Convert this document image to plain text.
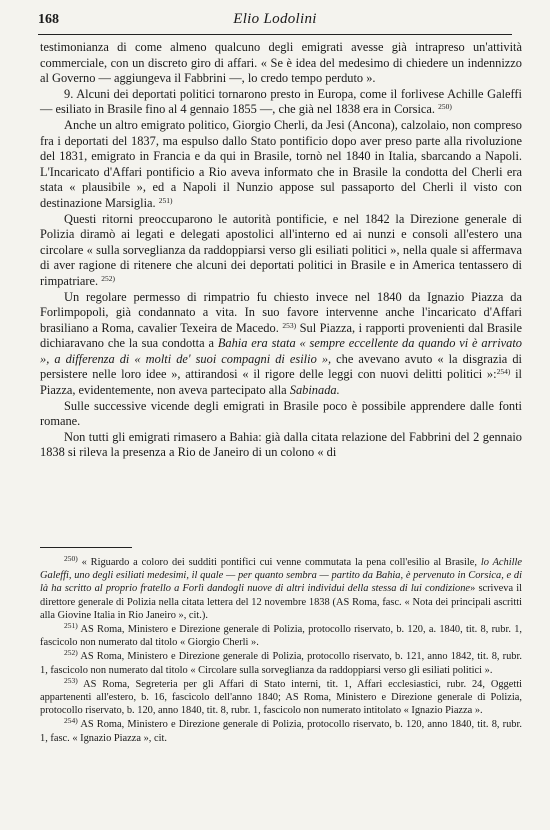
168	Elio Lodolini

testimonianza di come almeno qualcuno degli emigrati avesse già intrapreso un'attività commerciale, con un discreto giro di affari. « Se è idea del medesimo di chiedere un indennizzo al Governo — aggiungeva il Fabbrini —, lo credo tempo perduto ».

9. Alcuni dei deportati politici tornarono presto in Europa, come il forlivese Achille Galeffi — esiliato in Brasile fino al 4 gennaio 1855 —, che già nel 1838 era in Corsica. $^{250)}$

Anche un altro emigrato politico, Giorgio Cherli, da Jesi (Ancona), calzolaio, non compreso fra i deportati del 1837, ma espulso dallo Stato pontificio dopo aver preso parte alla rivoluzione del 1831, emigrato in Francia e da qui in Brasile, tornò nel 1840 in Italia, sbarcando a Napoli. L'Incaricato d'Affari pontificio a Rio aveva informato che in Brasile la condotta del Cherli era stata « plausibile », ed a Napoli il Nunzio appose sul passaporto del Cherli il visto con destinazione Marsiglia. $^{251)}$

Questi ritorni preoccuparono le autorità pontificie, e nel 1842 la Direzione generale di Polizia diramò ai legati e delegati apostolici all'interno ed ai nunzi e consoli all'estero una circolare « sulla sorveglianza da raddoppiarsi verso gli esiliati politici », nella quale si affermava di aver ragione di ritenere che alcuni dei deportati politici in Brasile e in America tentassero di rimpatriare. $^{252)}$

Un regolare permesso di rimpatrio fu chiesto invece nel 1840 da Ignazio Piazza da Forlimpopoli, già condannato a vita. In suo favore intervenne anche l'incaricato d'Affari brasiliano a Roma, cavalier Texeira de Macedo. $^{253)}$ Sul Piazza, i rapporti provenienti dal Brasile dichiaravano che la sua condotta a Bahia era stata « sempre eccellente da quando vi è arrivato », a differenza di « molti de' suoi compagni di esilio », che avevano avuto « la disgrazia di persistere nelle loro idee », attirandosi « il rigore delle leggi con nuovi delitti politici »:$^{254)}$ il Piazza, evidentemente, non aveva partecipato alla Sabinada.

Sulle successive vicende degli emigrati in Brasile poco è possibile apprendere dalle fonti romane.

Non tutti gli emigrati rimasero a Bahia: già dalla citata relazione del Fabbrini del 2 gennaio 1838 si rileva la presenza a Rio de Janeiro di un colono « di

$^{250)}$ « Riguardo a coloro dei sudditi pontifici cui venne commutata la pena coll'esilio al Brasile, lo Achille Galeffi, uno degli esiliati medesimi, il quale — per quanto sembra — partito da Bahia, è pervenuto in Corsica, e di là ha scritto al proprio fratello a Forlì dandogli nuove di altri individui della stessa di lui condizione» scriveva il direttore generale di Polizia nella citata lettera del 12 novembre 1838 (AS Roma, fasc. « Nota dei principali ascritti alla Giovine Italia in Rio Janeiro », cit.).

$^{251)}$ AS Roma, Ministero e Direzione generale di Polizia, protocollo riservato, b. 120, a. 1840, tit. 8, rubr. 1, fascicolo non numerato dal titolo « Giorgio Cherli ».

$^{252)}$ AS Roma, Ministero e Direzione generale di Polizia, protocollo riservato, b. 121, anno 1842, tit. 8, rubr. 1, fascicolo non numerato dal titolo « Circolare sulla sorveglianza da raddoppiarsi verso gli esiliati politici ».

$^{253)}$ AS Roma, Segreteria per gli Affari di Stato interni, tit. 1, Affari ecclesiastici, rubr. 24, Oggetti appartenenti all'estero, b. 16, fascicolo dell'anno 1840; AS Roma, Ministero e Direzione generale di Polizia, protocollo riservato, b. 120, anno 1840, tit. 8, rubr. 1, fascicolo non numerato intitolato « Ignazio Piazza ».

$^{254)}$ AS Roma, Ministero e Direzione generale di Polizia, protocollo riservato, b. 120, anno 1840, tit. 8, rubr. 1, fasc. « Ignazio Piazza », cit.
